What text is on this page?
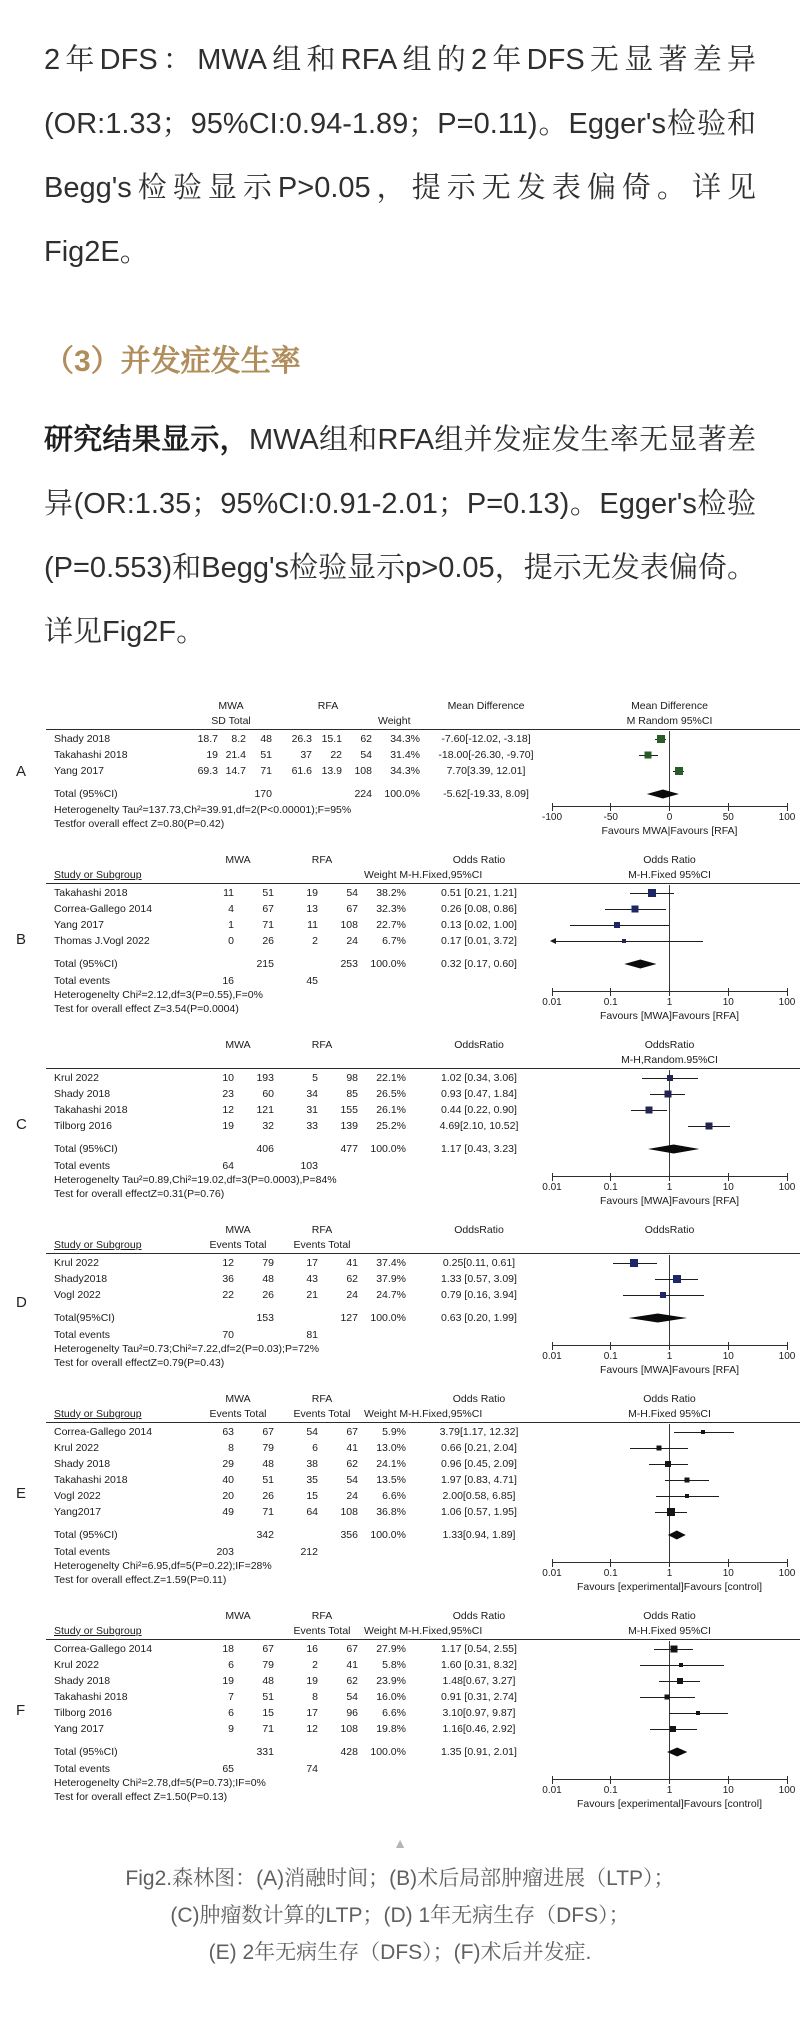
2年DFS：MWA组和RFA组的2年DFS无显著差异(OR:1.33；95%CI:0.94-1.89；P=0.11)。Egger's检验和Begg's检验显示P>0.05，提示无发表偏倚。详见Fig2E。

（3）并发症发生率

研究结果显示，MWA组和RFA组并发症发生率无显著差异(OR:1.35；95%CI:0.91-2.01；P=0.13)。Egger's检验(P=0.553)和Begg's检验显示p>0.05，提示无发表偏倚。详见Fig2F。

A
MWA	RFA	Mean Difference	Mean Difference
SD Total	Weight	M Random 95%CI
Shady 2018	18.7	8.2	48	26.3 15.1	62	34.3%	-7.60[-12.02, -3.18]
Takahashi 2018	19 21.4	51	37	22	54	31.4%	-18.00[-26.30, -9.70]
Yang 2017	69.3 14.7	71	61.6 13.9	108	34.3%	7.70[3.39, 12.01]
Total (95%CI)	170	224	100.0%	-5.62[-19.33, 8.09]
Heterogenelty Tau²=137.73,Ch²=39.91,df=2(P<0.00001);F=95%
Testfor overall effect Z=0.80(P=0.42)
-100	-50	0	50	100
Favours MWA|Favours [RFA]
B
MWA	RFA	Odds Ratio	Odds Ratio
Study or Subgroup	Weight M-H.Fixed,95%CI	M-H.Fixed 95%CI
Takahashi 2018	11	51	19	54	38.2%	0.51 [0.21, 1.21]
Correa-Gallego 2014	4	67	13	67	32.3%	0.26 [0.08, 0.86]
Yang 2017	1	71	11	108	22.7%	0.13 [0.02, 1.00]
Thomas J.Vogl 2022	0	26	2	24	6.7%	0.17 [0.01, 3.72]
Total (95%CI)	215	253	100.0%	0.32 [0.17, 0.60]
Total events	16	45
Heterogenelty Chi²=2.12,df=3(P=0.55),F=0%
Test for overall effect Z=3.54(P=0.0004)
0.01	0.1	1	10	100
Favours [MWA]Favours [RFA]
C
MWA	RFA	OddsRatio	OddsRatio
M-H,Random.95%CI
Krul 2022	10	193	5	98	22.1%	1.02 [0.34, 3.06]
Shady 2018	23	60	34	85	26.5%	0.93 [0.47, 1.84]
Takahashi 2018	12	121	31	155	26.1%	0.44 [0.22, 0.90]
Tilborg 2016	19	32	33	139	25.2%	4.69[2.10, 10.52]
Total (95%CI)	406	477	100.0%	1.17 [0.43, 3.23]
Total events	64	103
Heterogenelty Tau²=0.89,Chi²=19.02,df=3(P=0.0003),P=84%
Test for overall effectZ=0.31(P=0.76)
0.01	0.1	1	10	100
Favours [MWA]Favours [RFA]
D
MWA	RFA	OddsRatio	OddsRatio
Study or Subgroup	Events Total	Events Total
Krul 2022	12	79	17	41	37.4%	0.25[0.11, 0.61]
Shady2018	36	48	43	62	37.9%	1.33 [0.57, 3.09]
Vogl 2022	22	26	21	24	24.7%	0.79 [0.16, 3.94]
Total(95%CI)	153	127	100.0%	0.63 [0.20, 1.99]
Total events	70	81
Heterogenelty Tau²=0.73;Chi²=7.22,df=2(P=0.03);P=72%
Test for overall effectZ=0.79(P=0.43)
0.01	0.1	1	10	100
Favours [MWA]Favours [RFA]
E
MWA	RFA	Odds Ratio	Odds Ratio
Study or Subgroup	Events Total	Events Total	Weight M-H.Fixed,95%CI	M-H.Fixed 95%CI
Correa-Gallego 2014	63	67	54	67	5.9%	3.79[1.17, 12.32]
Krul 2022	8	79	6	41	13.0%	0.66 [0.21, 2.04]
Shady 2018	29	48	38	62	24.1%	0.96 [0.45, 2.09]
Takahashi 2018	40	51	35	54	13.5%	1.97 [0.83, 4.71]
Vogl 2022	20	26	15	24	6.6%	2.00[0.58, 6.85]
Yang2017	49	71	64	108	36.8%	1.06 [0.57, 1.95]
Total (95%CI)	342	356	100.0%	1.33[0.94, 1.89]
Total events	203	212
Heterogenelty Chi²=6.95,df=5(P=0.22);IF=28%
Test for overall effect.Z=1.59(P=0.11)
0.01	0.1	1	10	100
Favours [experimental]Favours [control]
F
MWA	RFA	Odds Ratio	Odds Ratio
Study or Subgroup	Events Total	Weight M-H.Fixed,95%CI	M-H.Fixed 95%CI
Correa-Gallego 2014	18	67	16	67	27.9%	1.17 [0.54, 2.55]
Krul 2022	6	79	2	41	5.8%	1.60 [0.31, 8.32]
Shady 2018	19	48	19	62	23.9%	1.48[0.67, 3.27]
Takahashi 2018	7	51	8	54	16.0%	0.91 [0.31, 2.74]
Tilborg 2016	6	15	17	96	6.6%	3.10[0.97, 9.87]
Yang 2017	9	71	12	108	19.8%	1.16[0.46, 2.92]
Total (95%CI)	331	428	100.0%	1.35 [0.91, 2.01]
Total events	65	74
Heterogenelty Chi²=2.78,df=5(P=0.73);IF=0%
Test for overall effect Z=1.50(P=0.13)
0.01	0.1	1	10	100
Favours [experimental]Favours [control]
▲
Fig2.森林图：(A)消融时间；(B)术后局部肿瘤进展（LTP）；
(C)肿瘤数计算的LTP；(D) 1年无病生存（DFS）；
(E) 2年无病生存（DFS）；(F)术后并发症.
